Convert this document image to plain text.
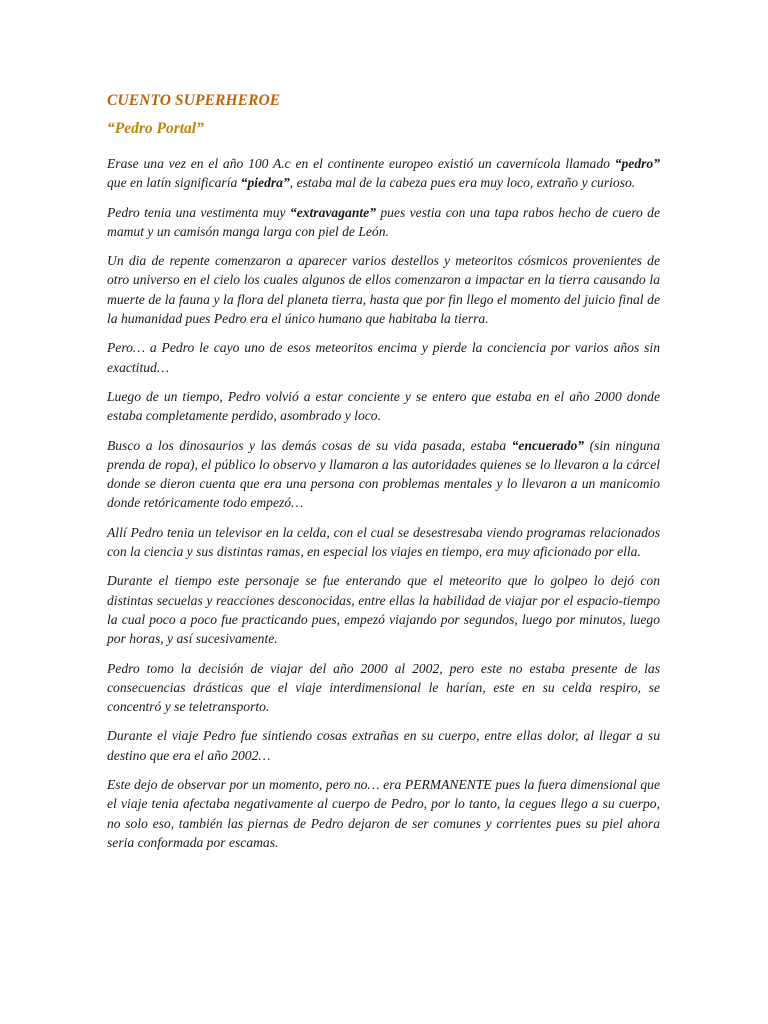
CUENTO SUPERHEROE
“Pedro Portal”

Erase una vez en el año 100 A.c en el continente europeo existió un cavernícola llamado “pedro” que en latín significaría “piedra”, estaba mal de la cabeza pues era muy loco, extraño y curioso.

Pedro tenia una vestimenta muy “extravagante” pues vestia con una tapa rabos hecho de cuero de mamut y un camisón manga larga con piel de León.

Un dia de repente comenzaron a aparecer varios destellos y meteoritos cósmicos provenientes de otro universo en el cielo los cuales algunos de ellos comenzaron a impactar en la tierra causando la muerte de la fauna y la flora del planeta tierra, hasta que por fin llego el momento del juicio final de la humanidad pues Pedro era el único humano que habitaba la tierra.

Pero… a Pedro le cayo uno de esos meteoritos encima y pierde la conciencia por varios años sin exactitud…

Luego de un tiempo, Pedro volvió a estar conciente y se entero que estaba en el año 2000 donde estaba completamente perdido, asombrado y loco.

Busco a los dinosaurios y las demás cosas de su vida pasada, estaba “encuerado” (sin ninguna prenda de ropa), el público lo observo y llamaron a las autoridades quienes se lo llevaron a la cárcel donde se dieron cuenta que era una persona con problemas mentales y lo llevaron a un manicomio donde retóricamente todo empezó…

Allí Pedro tenia un televisor en la celda, con el cual se desestresaba viendo programas relacionados con la ciencia y sus distintas ramas, en especial los viajes en tiempo, era muy aficionado por ella.

Durante el tiempo este personaje se fue enterando que el meteorito que lo golpeo lo dejó con distintas secuelas y reacciones desconocidas, entre ellas la habilidad de viajar por el espacio-tiempo la cual poco a poco fue practicando pues, empezó viajando por segundos, luego por minutos, luego por horas, y así sucesivamente.

Pedro tomo la decisión de viajar del año 2000 al 2002, pero este no estaba presente de las consecuencias drásticas que el viaje interdimensional le harían, este en su celda respiro, se concentró y se teletransporto.

Durante el viaje Pedro fue sintiendo cosas extrañas en su cuerpo, entre ellas dolor, al llegar a su destino que era el año 2002…

Este dejo de observar por un momento, pero no… era PERMANENTE pues la fuera dimensional que el viaje tenia afectaba negativamente al cuerpo de Pedro, por lo tanto, la cegues llego a su cuerpo, no solo eso, también las piernas de Pedro dejaron de ser comunes y corrientes pues su piel ahora seria conformada por escamas.
